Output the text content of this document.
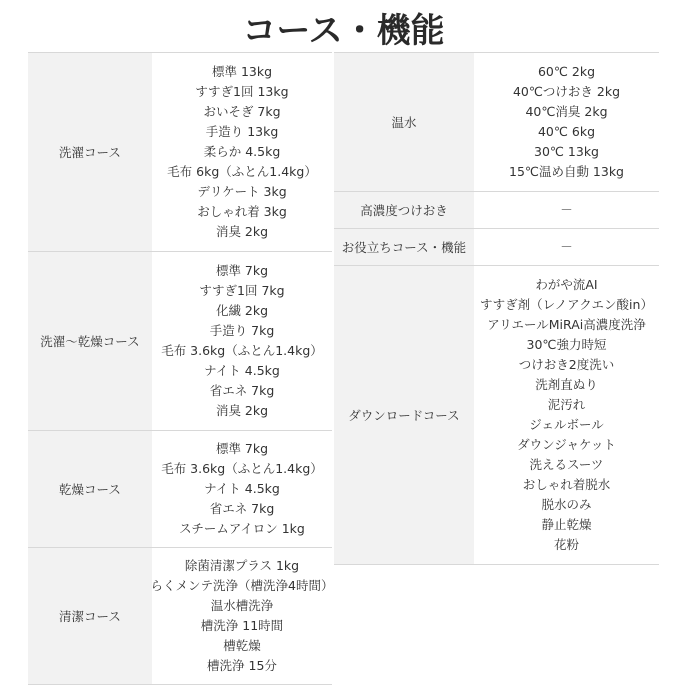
コース・機能
洗濯コース
標準 13kg
すすぎ1回 13kg
おいそぎ 7kg
手造り 13kg
柔らか 4.5kg
毛布 6kg（ふとん1.4kg）
デリケート 3kg
おしゃれ着 3kg
消臭 2kg
洗濯～乾燥コース
標準 7kg
すすぎ1回 7kg
化繊 2kg
手造り 7kg
毛布 3.6kg（ふとん1.4kg）
ナイト 4.5kg
省エネ 7kg
消臭 2kg
乾燥コース
標準 7kg
毛布 3.6kg（ふとん1.4kg）
ナイト 4.5kg
省エネ 7kg
スチームアイロン 1kg
清潔コース
除菌清潔プラス 1kg
らくメンテ洗浄（槽洗浄4時間）
温水槽洗浄
槽洗浄 11時間
槽乾燥
槽洗浄 15分
温水
60℃ 2kg
40℃つけおき 2kg
40℃消臭 2kg
40℃ 6kg
30℃ 13kg
15℃温め自動 13kg
高濃度つけおき	－
お役立ちコース・機能	－
ダウンロードコース
わがや流AI
すすぎ剤（レノアクエン酸in）
アリエールMiRAi高濃度洗浄
30℃強力時短
つけおき2度洗い
洗剤直ぬり
泥汚れ
ジェルボール
ダウンジャケット
洗えるスーツ
おしゃれ着脱水
脱水のみ
静止乾燥
花粉
